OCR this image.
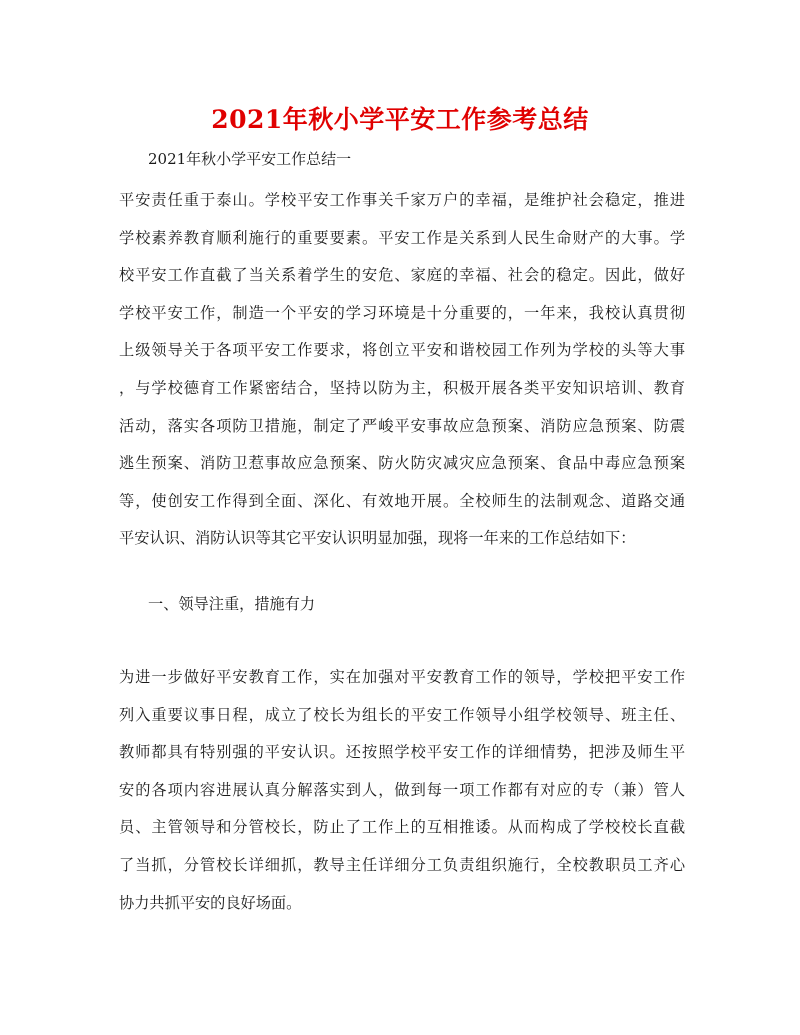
2021年秋小学平安工作参考总结

2021年秋小学平安工作总结一

平安责任重于泰山。学校平安工作事关千家万户的幸福，是维护社会稳定，推进
学校素养教育顺利施行的重要要素。平安工作是关系到人民生命财产的大事。学
校平安工作直截了当关系着学生的安危、家庭的幸福、社会的稳定。因此，做好
学校平安工作，制造一个平安的学习环境是十分重要的，一年来，我校认真贯彻
上级领导关于各项平安工作要求，将创立平安和谐校园工作列为学校的头等大事
，与学校德育工作紧密结合，坚持以防为主，积极开展各类平安知识培训、教育
活动，落实各项防卫措施，制定了严峻平安事故应急预案、消防应急预案、防震
逃生预案、消防卫惹事故应急预案、防火防灾减灾应急预案、食品中毒应急预案
等，使创安工作得到全面、深化、有效地开展。全校师生的法制观念、道路交通
平安认识、消防认识等其它平安认识明显加强，现将一年来的工作总结如下：

一、领导注重，措施有力

为进一步做好平安教育工作，实在加强对平安教育工作的领导，学校把平安工作
列入重要议事日程，成立了校长为组长的平安工作领导小组学校领导、班主任、
教师都具有特别强的平安认识。还按照学校平安工作的详细情势，把涉及师生平
安的各项内容进展认真分解落实到人，做到每一项工作都有对应的专（兼）管人
员、主管领导和分管校长，防止了工作上的互相推诿。从而构成了学校校长直截
了当抓，分管校长详细抓，教导主任详细分工负责组织施行，全校教职员工齐心
协力共抓平安的良好场面。
